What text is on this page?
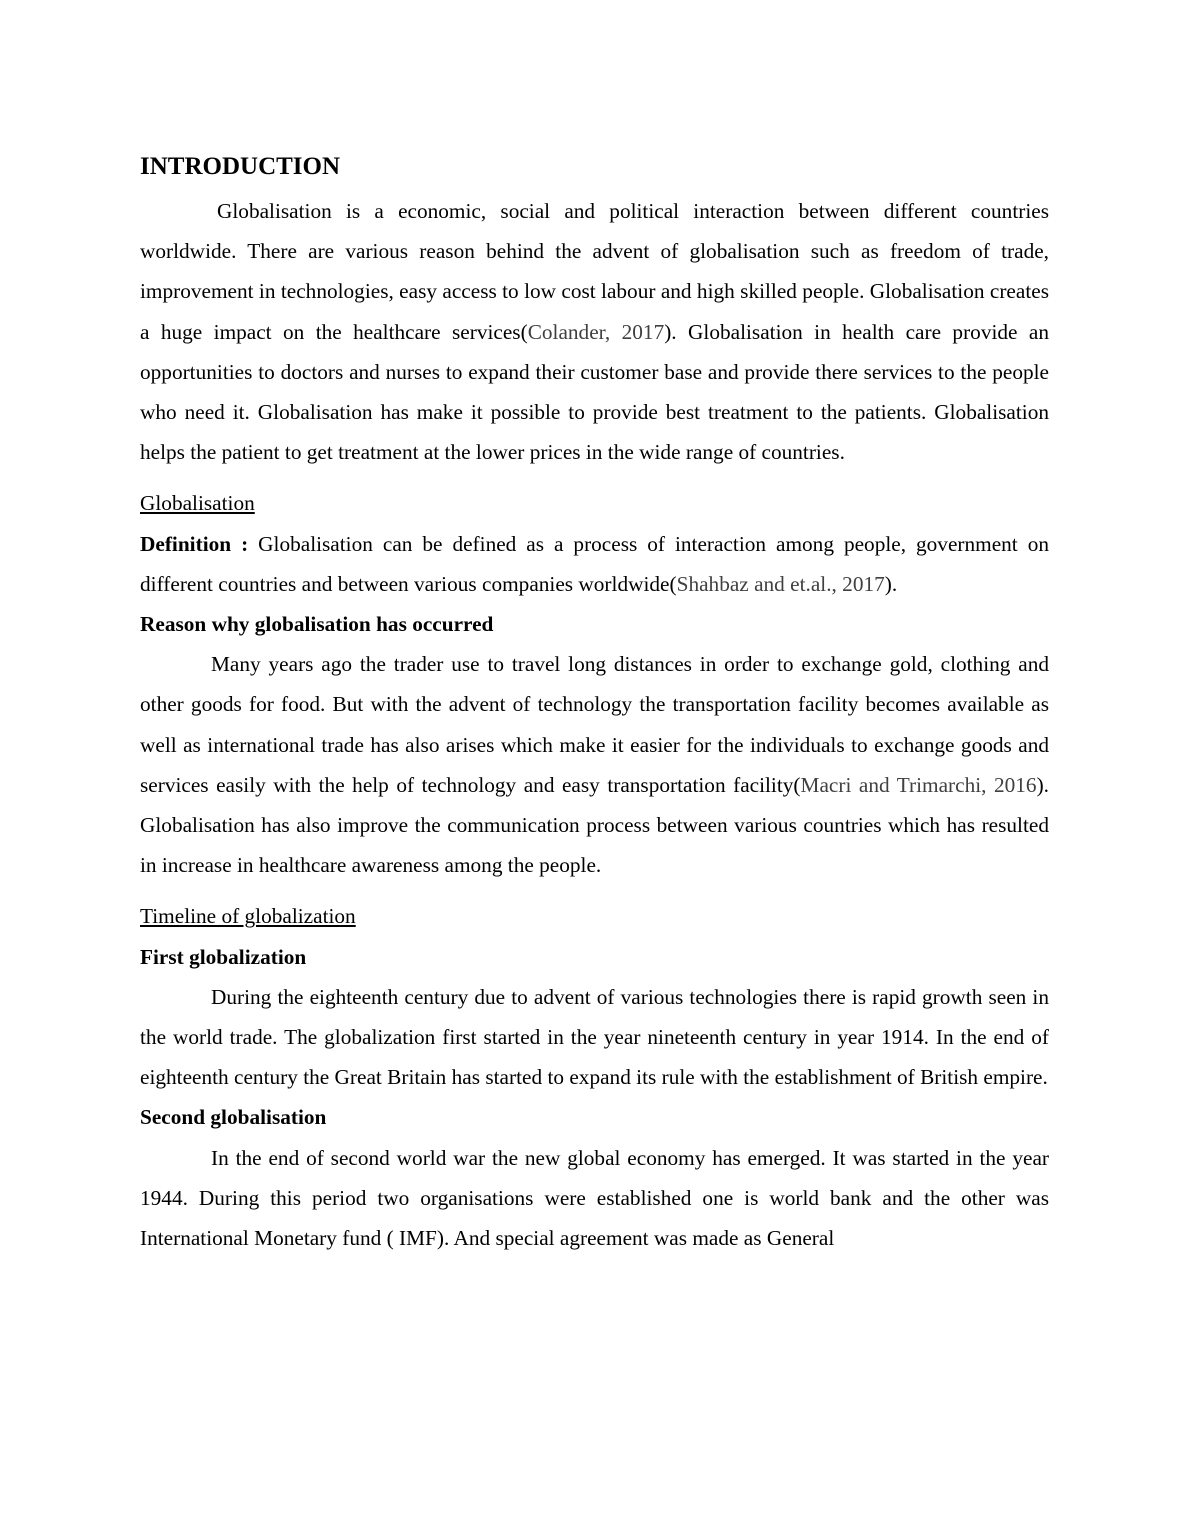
INTRODUCTION

Globalisation is a economic, social and political interaction between different countries worldwide. There are various reason behind the advent of globalisation such as freedom of trade, improvement in technologies, easy access to low cost labour and high skilled people. Globalisation creates a huge impact on the healthcare services(Colander, 2017). Globalisation in health care provide an opportunities to doctors and nurses to expand their customer base and provide there services to the people who need it. Globalisation has make it possible to provide best treatment to the patients. Globalisation helps the patient to get treatment at the lower prices in the wide range of countries.

Globalisation

Definition : Globalisation can be defined as a process of interaction among people, government on different countries and between various companies worldwide(Shahbaz and et.al., 2017).

Reason why globalisation has occurred

Many years ago the trader use to travel long distances in order to exchange gold, clothing and other goods for food. But with the advent of technology the transportation facility becomes available as well as international trade has also arises which make it easier for the individuals to exchange goods and services easily with the help of technology and easy transportation facility(Macri and Trimarchi, 2016). Globalisation has also improve the communication process between various countries which has resulted in increase in healthcare awareness among the people.

Timeline of globalization

First globalization

During the eighteenth century due to advent of various technologies there is rapid growth seen in the world trade. The globalization first started in the year nineteenth century in year 1914. In the end of eighteenth century the Great Britain has started to expand its rule with the establishment of British empire.

Second globalisation

In the end of second world war the new global economy has emerged. It was started in the year 1944. During this period two organisations were established one is world bank and the other was International Monetary fund ( IMF). And special agreement was made as General
